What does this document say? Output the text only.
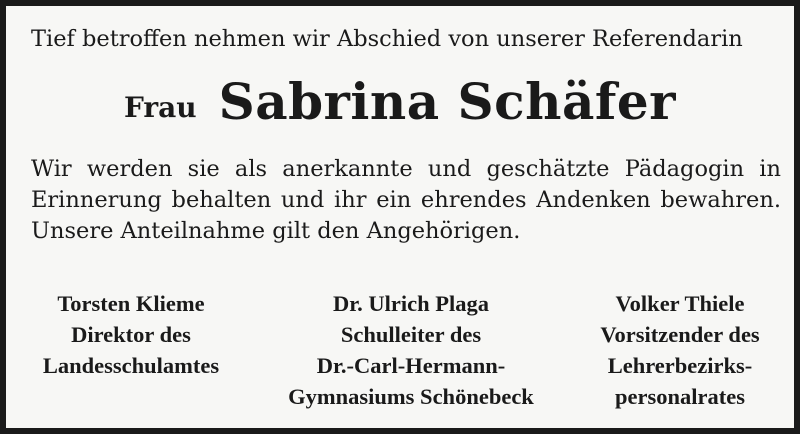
Tief betroffen nehmen wir Abschied von unserer Referendarin
Frau Sabrina Schäfer
Wir werden sie als anerkannte und geschätzte Pädagogin in
Erinnerung behalten und ihr ein ehrendes Andenken bewahren.
Unsere Anteilnahme gilt den Angehörigen.
Torsten Klieme
Direktor des
Landesschulamtes
Dr. Ulrich Plaga
Schulleiter des
Dr.-Carl-Hermann-
Gymnasiums Schönebeck
Volker Thiele
Vorsitzender des
Lehrerbezirks-
personalrates
